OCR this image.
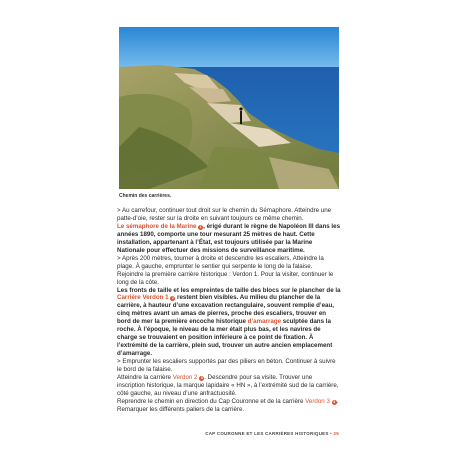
Chemin des carrières.

> Au carrefour, continuer tout droit sur le chemin du Sémaphore. Atteindre une patte-d’oie, rester sur la droite en suivant toujours ce même chemin.

Le sémaphore de la Marine 1 , érigé durant le règne de Napoléon III dans les années 1890, comporte une tour mesurant 25 mètres de haut. Cette installation, appartenant à l’État, est toujours utilisée par la Marine Nationale pour effectuer des missions de surveillance maritime.

> Après 200 mètres, tourner à droite et descendre les escaliers. Atteindre la plage. À gauche, emprunter le sentier qui serpente le long de la falaise.

Rejoindre la première carrière historique : Verdon 1. Pour la visiter, continuer le long de la côte.

Les fronts de taille et les empreintes de taille des blocs sur le plancher de la Carrière Verdon 1 2 restent bien visibles. Au milieu du plancher de la carrière, à hauteur d’une excavation rectangulaire, souvent remplie d’eau, cinq mètres avant un amas de pierres, proche des escaliers, trouver en bord de mer la première encoche historique d’amarrage sculptée dans la roche. À l’époque, le niveau de la mer était plus bas, et les navires de charge se trouvaient en position inférieure à ce point de fixation. À l’extrémité de la carrière, plein sud, trouver un autre ancien emplacement d’amarrage.

> Emprunter les escaliers supportés par des piliers en béton. Continuer à suivre le bord de la falaise.

Atteindre la carrière Verdon 2 3 . Descendre pour sa visite. Trouver une inscription historique, la marque lapidaire « HN », à l’extrémité sud de la carrière, côté gauche, au niveau d’une anfractuosité.

Reprendre le chemin en direction du Cap Couronne et de la carrière Verdon 3 4 . Remarquer les différents paliers de la carrière.

CAP COURONNE ET LES CARRIÈRES HISTORIQUES • 25
